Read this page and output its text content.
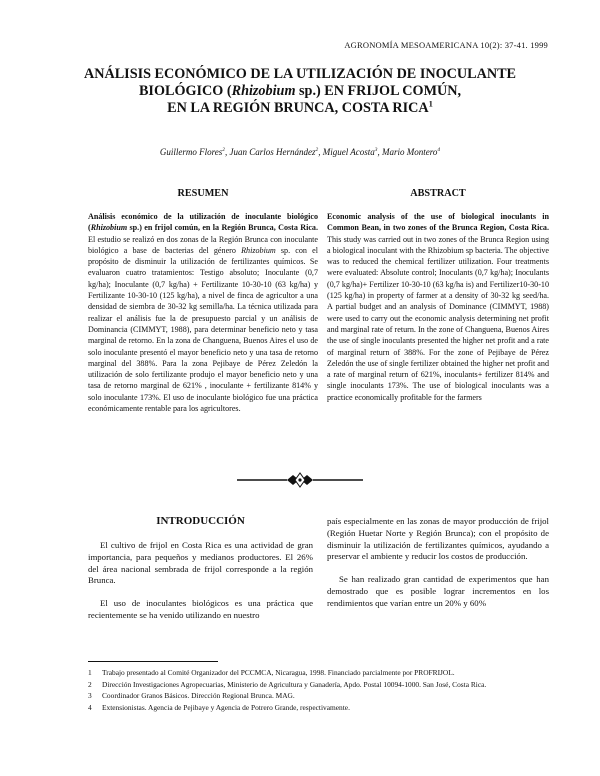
AGRONOMÍA MESOAMERICANA 10(2): 37-41. 1999

ANÁLISIS ECONÓMICO DE LA UTILIZACIÓN DE INOCULANTE

BIOLÓGICO (Rhizobium sp.) EN FRIJOL COMÚN,

EN LA REGIÓN BRUNCA, COSTA RICA$^1$

Guillermo Flores$^2$, Juan Carlos Hernández$^2$, Miguel Acosta$^3$, Mario Montero$^4$
RESUMEN

Análisis económico de la utilización de inoculante biológico (Rhizobium sp.) en frijol común, en la Región Brunca, Costa Rica. El estudio se realizó en dos zonas de la Región Brunca con inoculante biológico a base de bacterias del género Rhizobium sp. con el propósito de disminuir la utilización de fertilizantes químicos. Se evaluaron cuatro tratamientos: Testigo absoluto; Inoculante (0,7 kg/ha); Inoculante (0,7 kg/ha) + Fertilizante 10-30-10 (63 kg/ha) y Fertilizante 10-30-10 (125 kg/ha), a nivel de finca de agricultor a una densidad de siembra de 30-32 kg semilla/ha. La técnica utilizada para realizar el análisis fue la de presupuesto parcial y un análisis de Dominancia (CIMMYT, 1988), para determinar beneficio neto y tasa marginal de retorno. En la zona de Changuena, Buenos Aires el uso de solo inoculante presentó el mayor beneficio neto y una tasa de retorno marginal del 388%. Para la zona Pejibaye de Pérez Zeledón la utilización de solo fertilizante produjo el mayor beneficio neto y una tasa de retorno marginal de 621% , inoculante + fertilizante 814% y solo inoculante 173%. El uso de inoculante biológico fue una práctica económicamente rentable para los agricultores.

ABSTRACT

Economic analysis of the use of biological inoculants in Common Bean, in two zones of the Brunca Region, Costa Rica. This study was carried out in two zones of the Brunca Region using a biological inoculant with the Rhizobium sp bacteria. The objective was to reduced the chemical fertilizer utilization. Four treatments were evaluated: Absolute control; Inoculants (0,7 kg/ha); Inoculants (0,7 kg/ha)+ Fertilizer 10-30-10 (63 kg/ha is) and Fertilizer10-30-10 (125 kg/ha) in property of farmer at a density of 30-32 kg seed/ha. A partial budget and an analysis of Dominance (CIMMYT, 1988) were used to carry out the economic analysis determining net profit and marginal rate of return. In the zone of Changuena, Buenos Aires the use of single inoculants presented the higher net profit and a rate of marginal return of 388%. For the zone of Pejibaye de Pérez Zeledón the use of single fertilizer obtained the higher net profit and a rate of marginal return of 621%, inoculants+ fertilizer 814% and single inoculants 173%. The use of biological inoculants was a practice economically profitable for the farmers

INTRODUCCIÓN

El cultivo de frijol en Costa Rica es una actividad de gran importancia, para pequeños y medianos productores. El 26% del área nacional sembrada de frijol corresponde a la región Brunca.

El uso de inoculantes biológicos es una práctica que recientemente se ha venido utilizando en nuestro

país especialmente en las zonas de mayor producción de frijol (Región Huetar Norte y Región Brunca); con el propósito de disminuir la utilización de fertilizantes químicos, ayudando a preservar el ambiente y reducir los costos de producción.

Se han realizado gran cantidad de experimentos que han demostrado que es posible lograr incrementos en los rendimientos que varían entre un 20% y 60%

1	Trabajo presentado al Comité Organizador del PCCMCA, Nicaragua, 1998. Financiado parcialmente por PROFRIJOL.
2	Dirección Investigaciones Agropecuarias, Ministerio de Agricultura y Ganadería, Apdo. Postal 10094-1000. San José, Costa Rica.
3	Coordinador Granos Básicos. Dirección Regional Brunca. MAG.
4	Extensionistas. Agencia de Pejibaye y Agencia de Potrero Grande, respectivamente.
